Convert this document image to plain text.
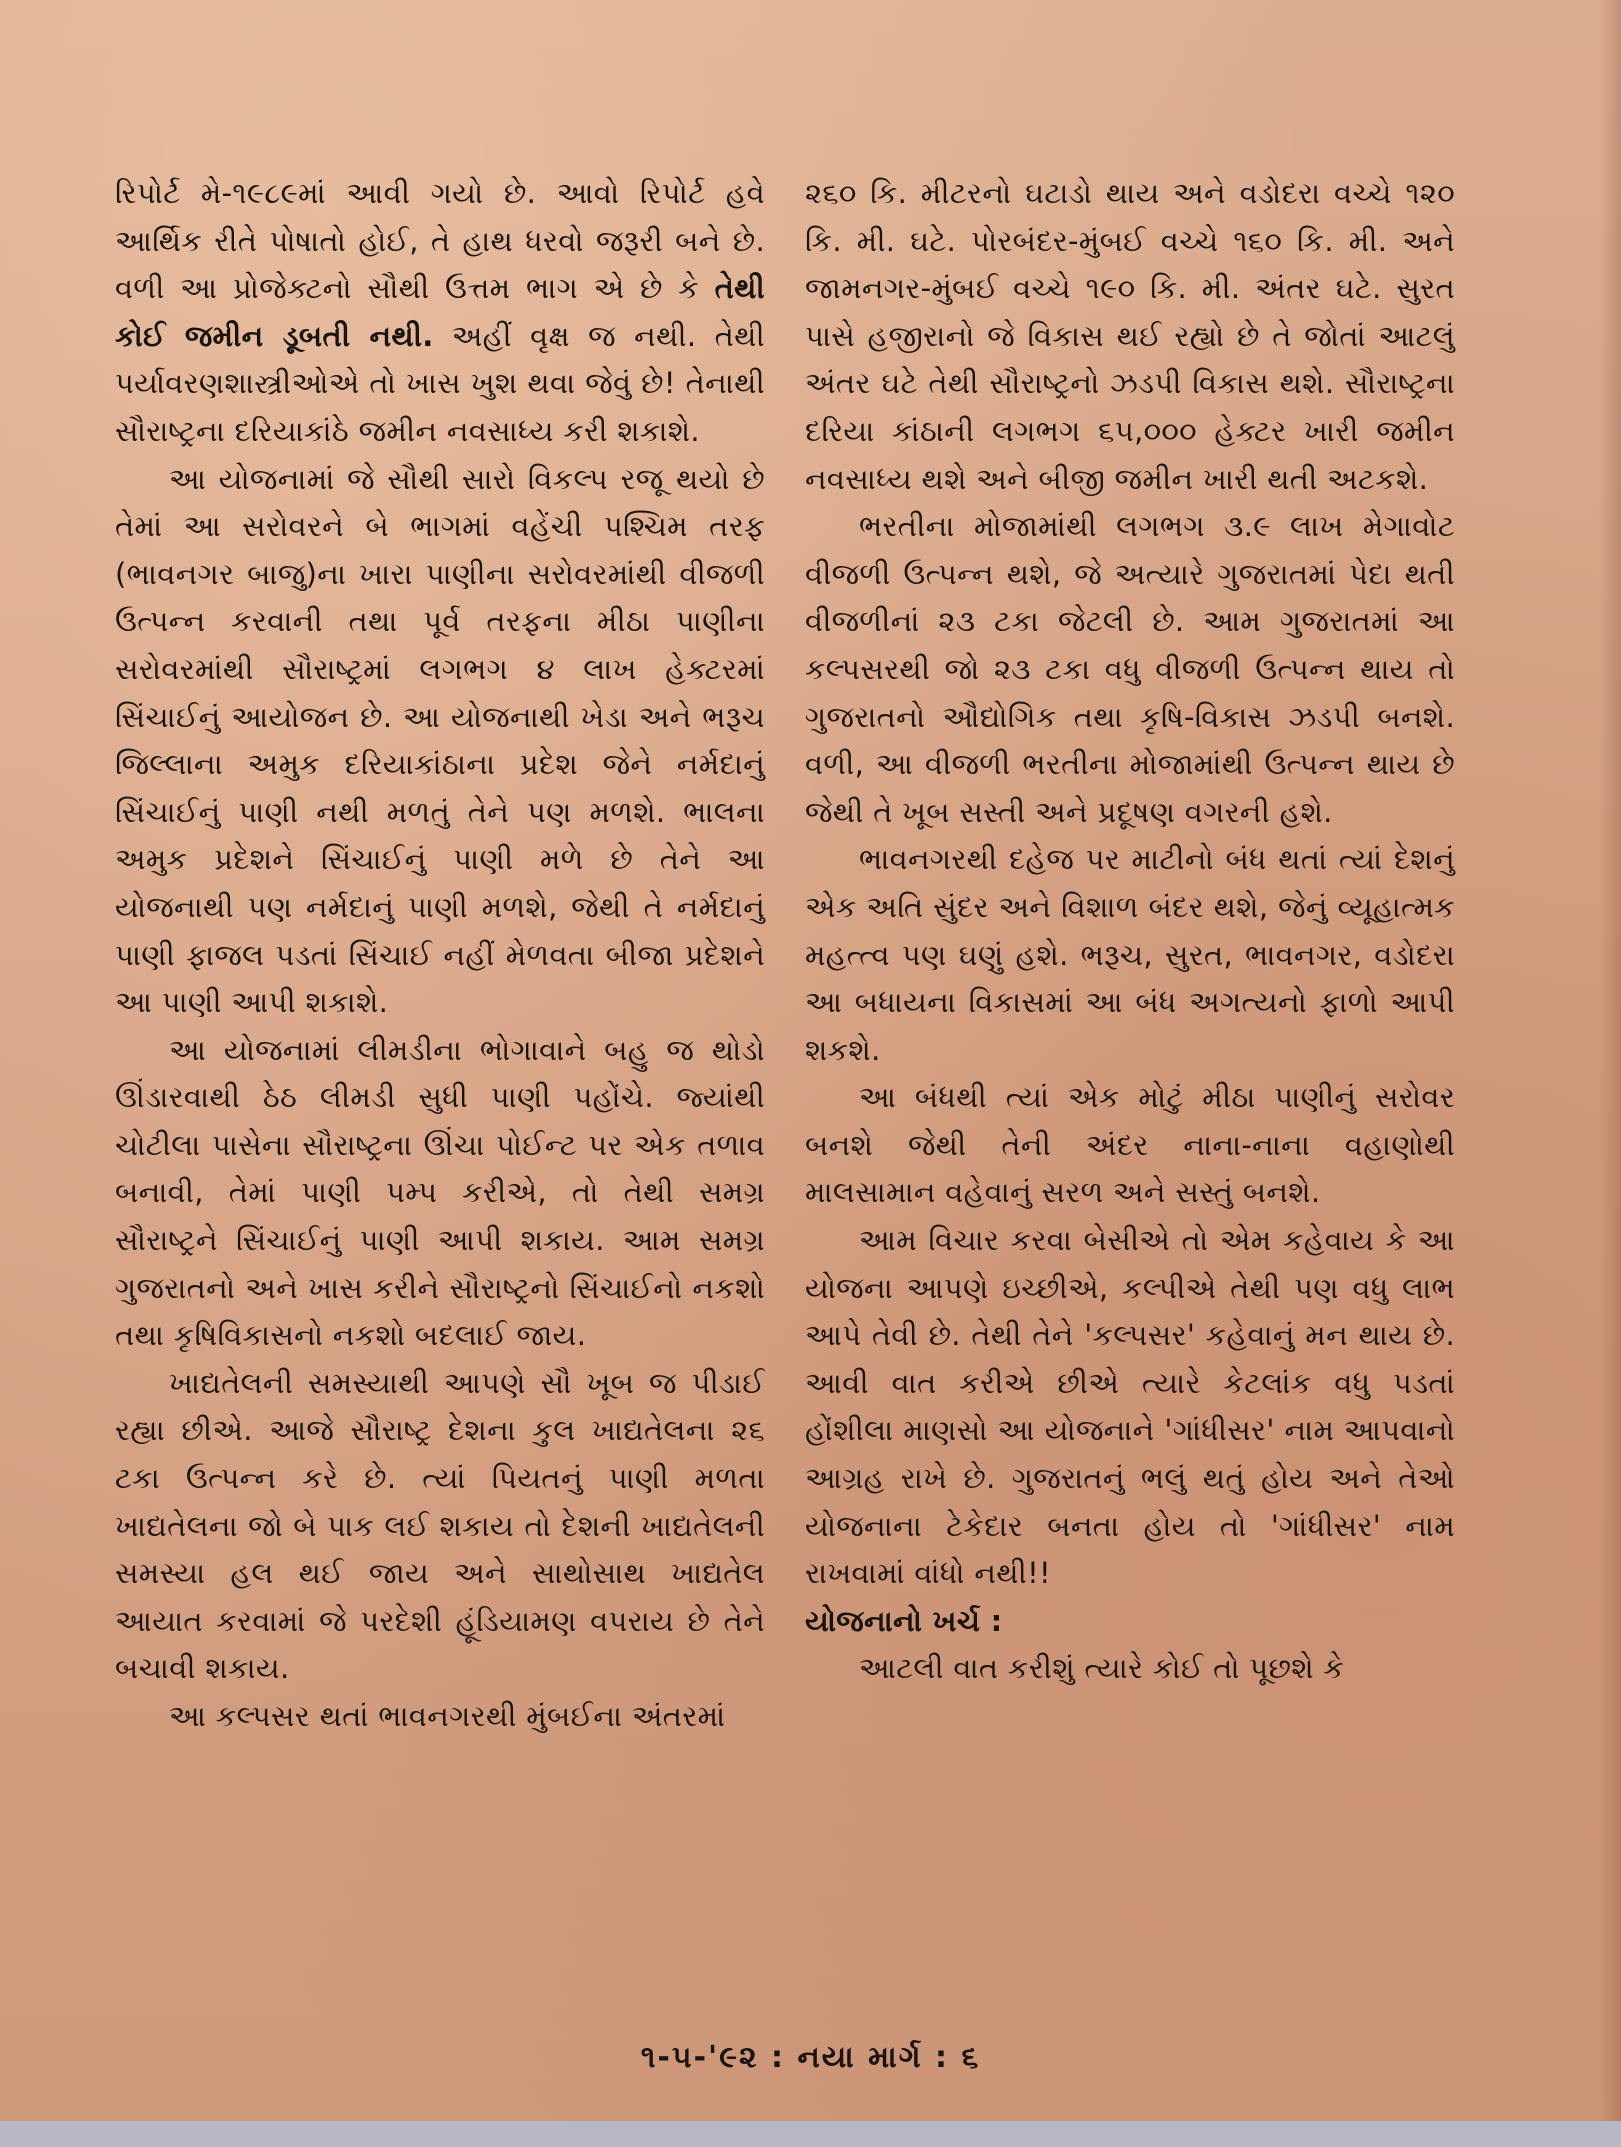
રિપોર્ટ મે-૧૯૮૯માં આવી ગયો છે. આવો રિપોર્ટ હવે આર્થિક રીતે પોષાતો હોઈ, તે હાથ ધરવો જરૂરી બને છે. વળી આ પ્રોજેક્ટનો સૌથી ઉત્તમ ભાગ એ છે કે તેથી કોઈ જમીન ડૂબતી નથી. અહીં વૃક્ષ જ નથી. તેથી પર્યાવરણશાસ્ત્રીઓએ તો ખાસ ખુશ થવા જેવું છે! તેનાથી સૌરાષ્ટ્રના દરિયાકાંઠે જમીન નવસાધ્ય કરી શકાશે.

આ યોજનામાં જે સૌથી સારો વિકલ્પ રજૂ થયો છે તેમાં આ સરોવરને બે ભાગમાં વહેંચી પશ્ચિમ તરફ (ભાવનગર બાજુ)ના ખારા પાણીના સરોવરમાંથી વીજળી ઉત્પન્ન કરવાની તથા પૂર્વ તરફના મીઠા પાણીના સરોવરમાંથી સૌરાષ્ટ્રમાં લગભગ ૪ લાખ હેક્ટરમાં સિંચાઈનું આયોજન છે. આ યોજનાથી ખેડા અને ભરૂચ જિલ્લાના અમુક દરિયાકાંઠાના પ્રદેશ જેને નર્મદાનું સિંચાઈનું પાણી નથી મળતું તેને પણ મળશે. ભાલના અમુક પ્રદેશને સિંચાઈનું પાણી મળે છે તેને આ યોજનાથી પણ નર્મદાનું પાણી મળશે, જેથી તે નર્મદાનું પાણી ફાજલ પડતાં સિંચાઈ નહીં મેળવતા બીજા પ્રદેશને આ પાણી આપી શકાશે.

આ યોજનામાં લીમડીના ભોગાવાને બહુ જ થોડો ઊંડારવાથી ઠેઠ લીમડી સુધી પાણી પહોંચે. જ્યાંથી ચોટીલા પાસેના સૌરાષ્ટ્રના ઊંચા પોઈન્ટ પર એક તળાવ બનાવી, તેમાં પાણી પમ્પ કરીએ, તો તેથી સમગ્ર સૌરાષ્ટ્રને સિંચાઈનું પાણી આપી શકાય. આમ સમગ્ર ગુજરાતનો અને ખાસ કરીને સૌરાષ્ટ્રનો સિંચાઈનો નકશો તથા કૃષિવિકાસનો નકશો બદલાઈ જાય.

ખાદ્યતેલની સમસ્યાથી આપણે સૌ ખૂબ જ પીડાઈ રહ્યા છીએ. આજે સૌરાષ્ટ્ર દેશના કુલ ખાદ્યતેલના ૨૬ ટકા ઉત્પન્ન કરે છે. ત્યાં પિયતનું પાણી મળતા ખાદ્યતેલના જો બે પાક લઈ શકાય તો દેશની ખાદ્યતેલની સમસ્યા હલ થઈ જાય અને સાથોસાથ ખાદ્યતેલ આયાત કરવામાં જે પરદેશી હૂંડિયામણ વપરાય છે તેને બચાવી શકાય.

આ કલ્પસર થતાં ભાવનગરથી મુંબઈના અંતરમાં

૨૬૦ કિ. મીટરનો ઘટાડો થાય અને વડોદરા વચ્ચે ૧૨૦ કિ. મી. ઘટે. પોરબંદર-મુંબઈ વચ્ચે ૧૬૦ કિ. મી. અને જામનગર-મુંબઈ વચ્ચે ૧૯૦ કિ. મી. અંતર ઘટે. સુરત પાસે હજીરાનો જે વિકાસ થઈ રહ્યો છે તે જોતાં આટલું અંતર ઘટે તેથી સૌરાષ્ટ્રનો ઝડપી વિકાસ થશે. સૌરાષ્ટ્રના દરિયા કાંઠાની લગભગ ૬૫,૦૦૦ હેક્ટર ખારી જમીન નવસાધ્ય થશે અને બીજી જમીન ખારી થતી અટકશે.

ભરતીના મોજામાંથી લગભગ ૩.૯ લાખ મેગાવોટ વીજળી ઉત્પન્ન થશે, જે અત્યારે ગુજરાતમાં પેદા થતી વીજળીનાં ૨૩ ટકા જેટલી છે. આમ ગુજરાતમાં આ કલ્પસરથી જો ૨૩ ટકા વધુ વીજળી ઉત્પન્ન થાય તો ગુજરાતનો ઔદ્યોગિક તથા કૃષિ-વિકાસ ઝડપી બનશે. વળી, આ વીજળી ભરતીના મોજામાંથી ઉત્પન્ન થાય છે જેથી તે ખૂબ સસ્તી અને પ્રદૂષણ વગરની હશે.

ભાવનગરથી દહેજ પર માટીનો બંધ થતાં ત્યાં દેશનું એક અતિ સુંદર અને વિશાળ બંદર થશે, જેનું વ્યૂહાત્મક મહત્ત્વ પણ ઘણું હશે. ભરૂચ, સુરત, ભાવનગર, વડોદરા આ બધાયના વિકાસમાં આ બંધ અગત્યનો ફાળો આપી શકશે.

આ બંધથી ત્યાં એક મોટું મીઠા પાણીનું સરોવર બનશે જેથી તેની અંદર નાના-નાના વહાણોથી માલસામાન વહેવાનું સરળ અને સસ્તું બનશે.

આમ વિચાર કરવા બેસીએ તો એમ કહેવાય કે આ યોજના આપણે ઇચ્છીએ, કલ્પીએ તેથી પણ વધુ લાભ આપે તેવી છે. તેથી તેને 'કલ્પસર' કહેવાનું મન થાય છે. આવી વાત કરીએ છીએ ત્યારે કેટલાંક વધુ પડતાં હોંશીલા માણસો આ યોજનાને 'ગાંધીસર' નામ આપવાનો આગ્રહ રાખે છે. ગુજરાતનું ભલું થતું હોય અને તેઓ યોજનાના ટેકેદાર બનતા હોય તો 'ગાંધીસર' નામ રાખવામાં વાંધો નથી!!

યોજનાનો ખર્ચ :

આટલી વાત કરીશું ત્યારે કોઈ તો પૂછશે કે

૧-૫-'૯૨ : નયા માર્ગ : ૬
